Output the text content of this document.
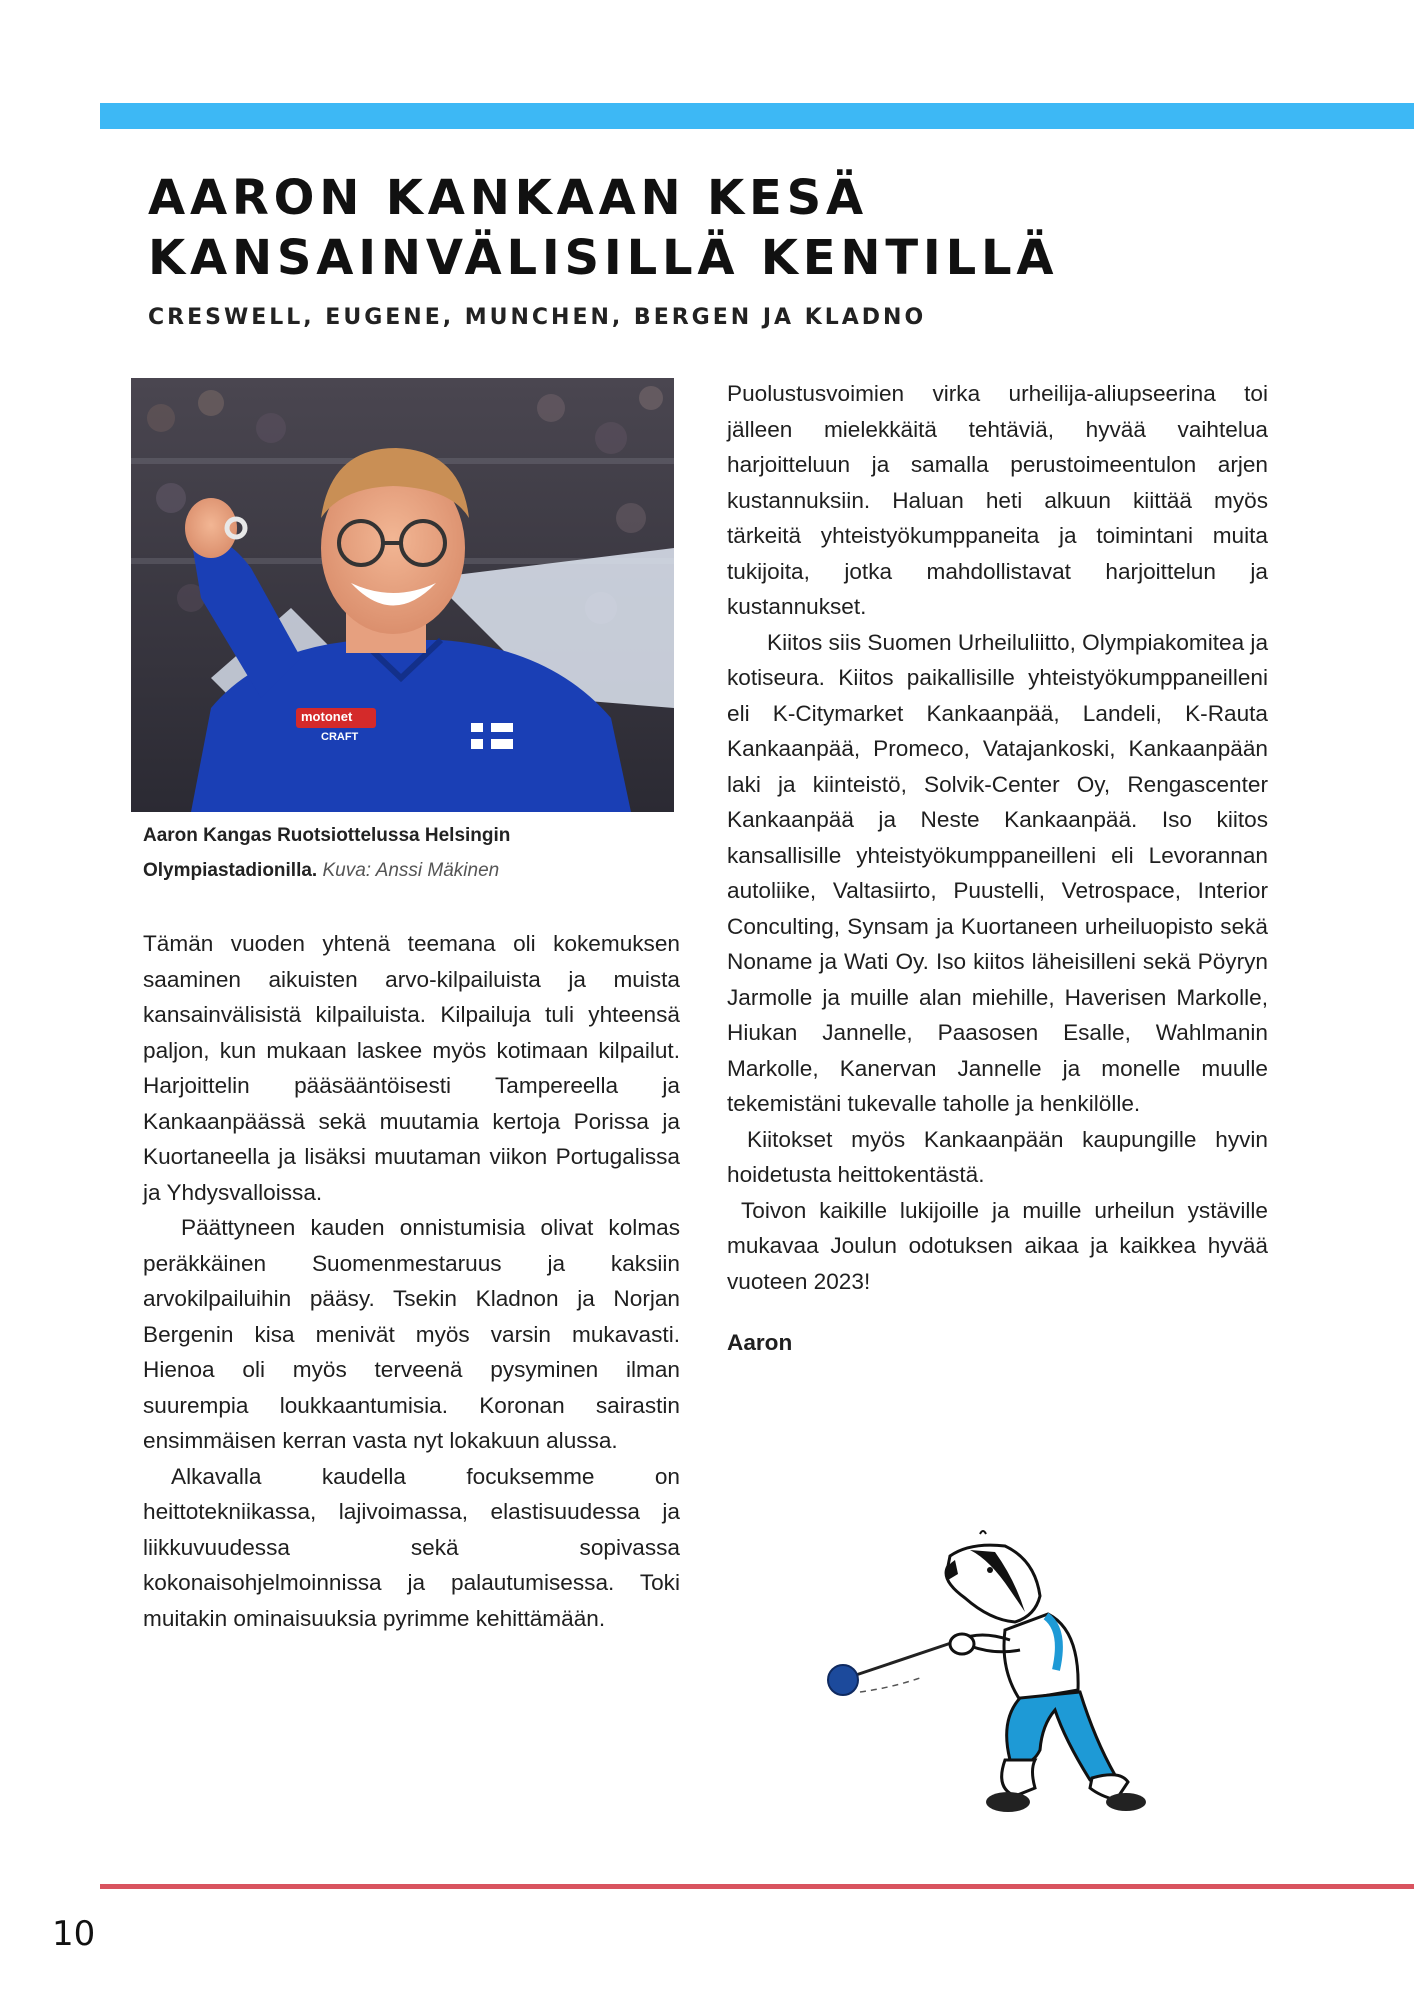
AARON KANKAAN KESÄ
KANSAINVÄLISILLÄ KENTILLÄ
CRESWELL, EUGENE, MUNCHEN, BERGEN JA KLADNO
motonet
CRAFT
Aaron Kangas Ruotsiottelussa Helsingin Olympiastadionilla. Kuva: Anssi Mäkinen

Tämän vuoden yhtenä teemana oli kokemuksen saaminen aikuisten arvo-kilpailuista ja muista kansainvälisistä kilpailuista. Kilpailuja tuli yhteensä paljon, kun mukaan laskee myös kotimaan kilpailut. Harjoittelin pääsääntöisesti Tampereella ja Kankaanpäässä sekä muutamia kertoja Porissa ja Kuortaneella ja lisäksi muutaman viikon Portugalissa ja Yhdysvalloissa.

Päättyneen kauden onnistumisia olivat kolmas peräkkäinen Suomenmestaruus ja kaksiin arvokilpailuihin pääsy. Tsekin Kladnon ja Norjan Bergenin kisa menivät myös varsin mukavasti. Hienoa oli myös terveenä pysyminen ilman suurempia loukkaantumisia. Koronan sairastin ensimmäisen kerran vasta nyt lokakuun alussa.

Alkavalla kaudella focuksemme on heittotekniikassa, lajivoimassa, elastisuudessa ja liikkuvuudessa sekä sopivassa kokonaisohjelmoinnissa ja palautumisessa. Toki muitakin ominaisuuksia pyrimme kehittämään.

Puolustusvoimien virka urheilija-aliupseerina toi jälleen mielekkäitä tehtäviä, hyvää vaihtelua harjoitteluun ja samalla perustoimeentulon arjen kustannuksiin. Haluan heti alkuun kiittää myös tärkeitä yhteistyökumppaneita ja toimintani muita tukijoita, jotka mahdollistavat harjoittelun ja kustannukset.

Kiitos siis Suomen Urheiluliitto, Olympiakomitea ja kotiseura. Kiitos paikallisille yhteistyökumppaneilleni eli K-Citymarket Kankaanpää, Landeli, K-Rauta Kankaanpää, Promeco, Vatajankoski, Kankaanpään laki ja kiinteistö, Solvik-Center Oy, Rengascenter Kankaanpää ja Neste Kankaanpää. Iso kiitos kansallisille yhteistyökumppaneilleni eli Levorannan autoliike, Valtasiirto, Puustelli, Vetrospace, Interior Conculting, Synsam ja Kuortaneen urheiluopisto sekä Noname ja Wati Oy. Iso kiitos läheisilleni sekä Pöyryn Jarmolle ja muille alan miehille, Haverisen Markolle, Hiukan Jannelle, Paasosen Esalle, Wahlmanin Markolle, Kanervan Jannelle ja monelle muulle tekemistäni tukevalle taholle ja henkilölle.

Kiitokset myös Kankaanpään kaupungille hyvin hoidetusta heittokentästä.

Toivon kaikille lukijoille ja muille urheilun ystäville mukavaa Joulun odotuksen aikaa ja kaikkea hyvää vuoteen 2023!

Aaron

10
